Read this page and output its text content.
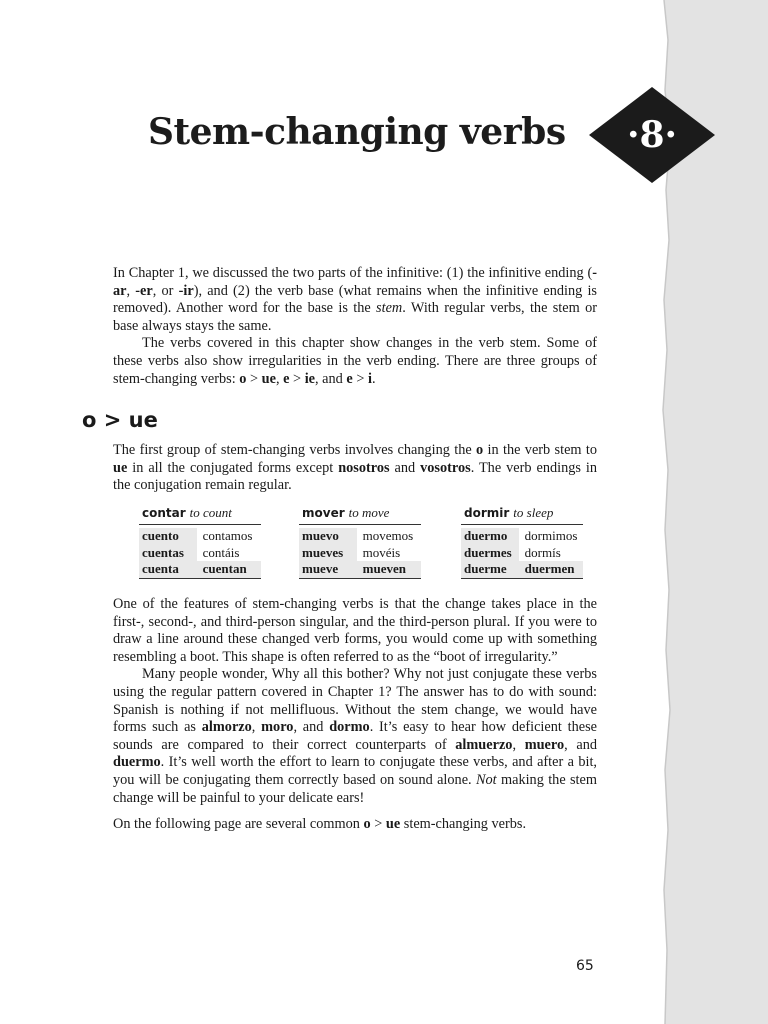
Stem-changing verbs	·8·

In Chapter 1, we discussed the two parts of the infinitive: (1) the infinitive ending (-ar, -er, or -ir), and (2) the verb base (what remains when the infinitive ending is removed). Another word for the base is the stem. With regular verbs, the stem or base always stays the same.

The verbs covered in this chapter show changes in the verb stem. Some of these verbs also show irregularities in the verb ending. There are three groups of stem-changing verbs: o > ue, e > ie, and e > i.

o > ue

The first group of stem-changing verbs involves changing the o in the verb stem to ue in all the conjugated forms except nosotros and vosotros. The verb endings in the conjugation remain regular.

contar to count
cuento	contamos
cuentas	contáis
cuenta	cuentan
mover to move
muevo	movemos
mueves	movéis
mueve	mueven
dormir to sleep
duermo	dormimos
duermes dormís
duerme	duermen

One of the features of stem-changing verbs is that the change takes place in the first-, second-, and third-person singular, and the third-person plural. If you were to draw a line around these changed verb forms, you would come up with something resembling a boot. This shape is often referred to as the “boot of irregularity.”

Many people wonder, Why all this bother? Why not just conjugate these verbs using the regular pattern covered in Chapter 1? The answer has to do with sound: Spanish is nothing if not mellifluous. Without the stem change, we would have forms such as almorzo, moro, and dormo. It’s easy to hear how deficient these sounds are compared to their correct counterparts of almuerzo, muero, and duermo. It’s well worth the effort to learn to conjugate these verbs, and after a bit, you will be conjugating them correctly based on sound alone. Not making the stem change will be painful to your delicate ears!

On the following page are several common o > ue stem-changing verbs.

65
